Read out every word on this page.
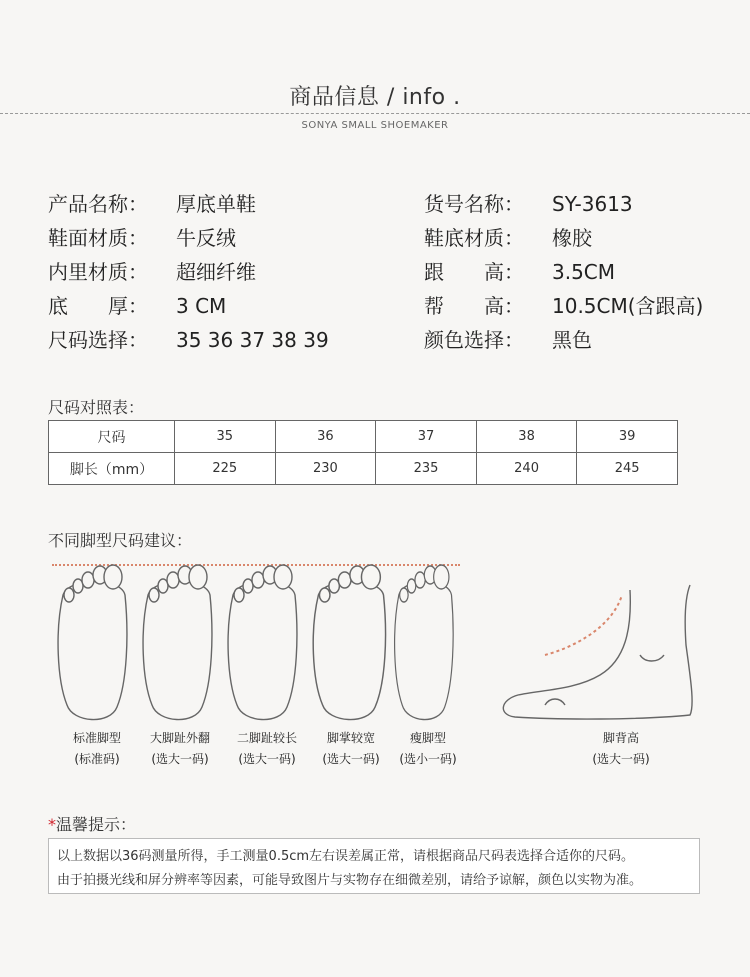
商品信息 / info .
SONYA SMALL SHOEMAKER
产品名称： 厚底单鞋	货号名称： SY-3613
鞋面材质： 牛反绒	鞋底材质： 橡胶
内里材质： 超细纤维	跟　　高： 3.5CM
底　　厚： 3 CM	帮　　高： 10.5CM(含跟高)
尺码选择： 35 36 37 38 39	颜色选择： 黑色
尺码对照表：
尺码	35	36	37	38	39
脚长（mm）	225	230	235	240	245
不同脚型尺码建议：
标准脚型
(标准码)
大脚趾外翻
(选大一码)
二脚趾较长
(选大一码)
脚掌较宽
(选大一码)
瘦脚型
(选小一码)
脚背高
(选大一码)
*温馨提示：
以上数据以36码测量所得，手工测量0.5cm左右误差属正常，请根据商品尺码表选择合适你的尺码。
由于拍摄光线和屏分辨率等因素，可能导致图片与实物存在细微差别，请给予谅解，颜色以实物为准。
